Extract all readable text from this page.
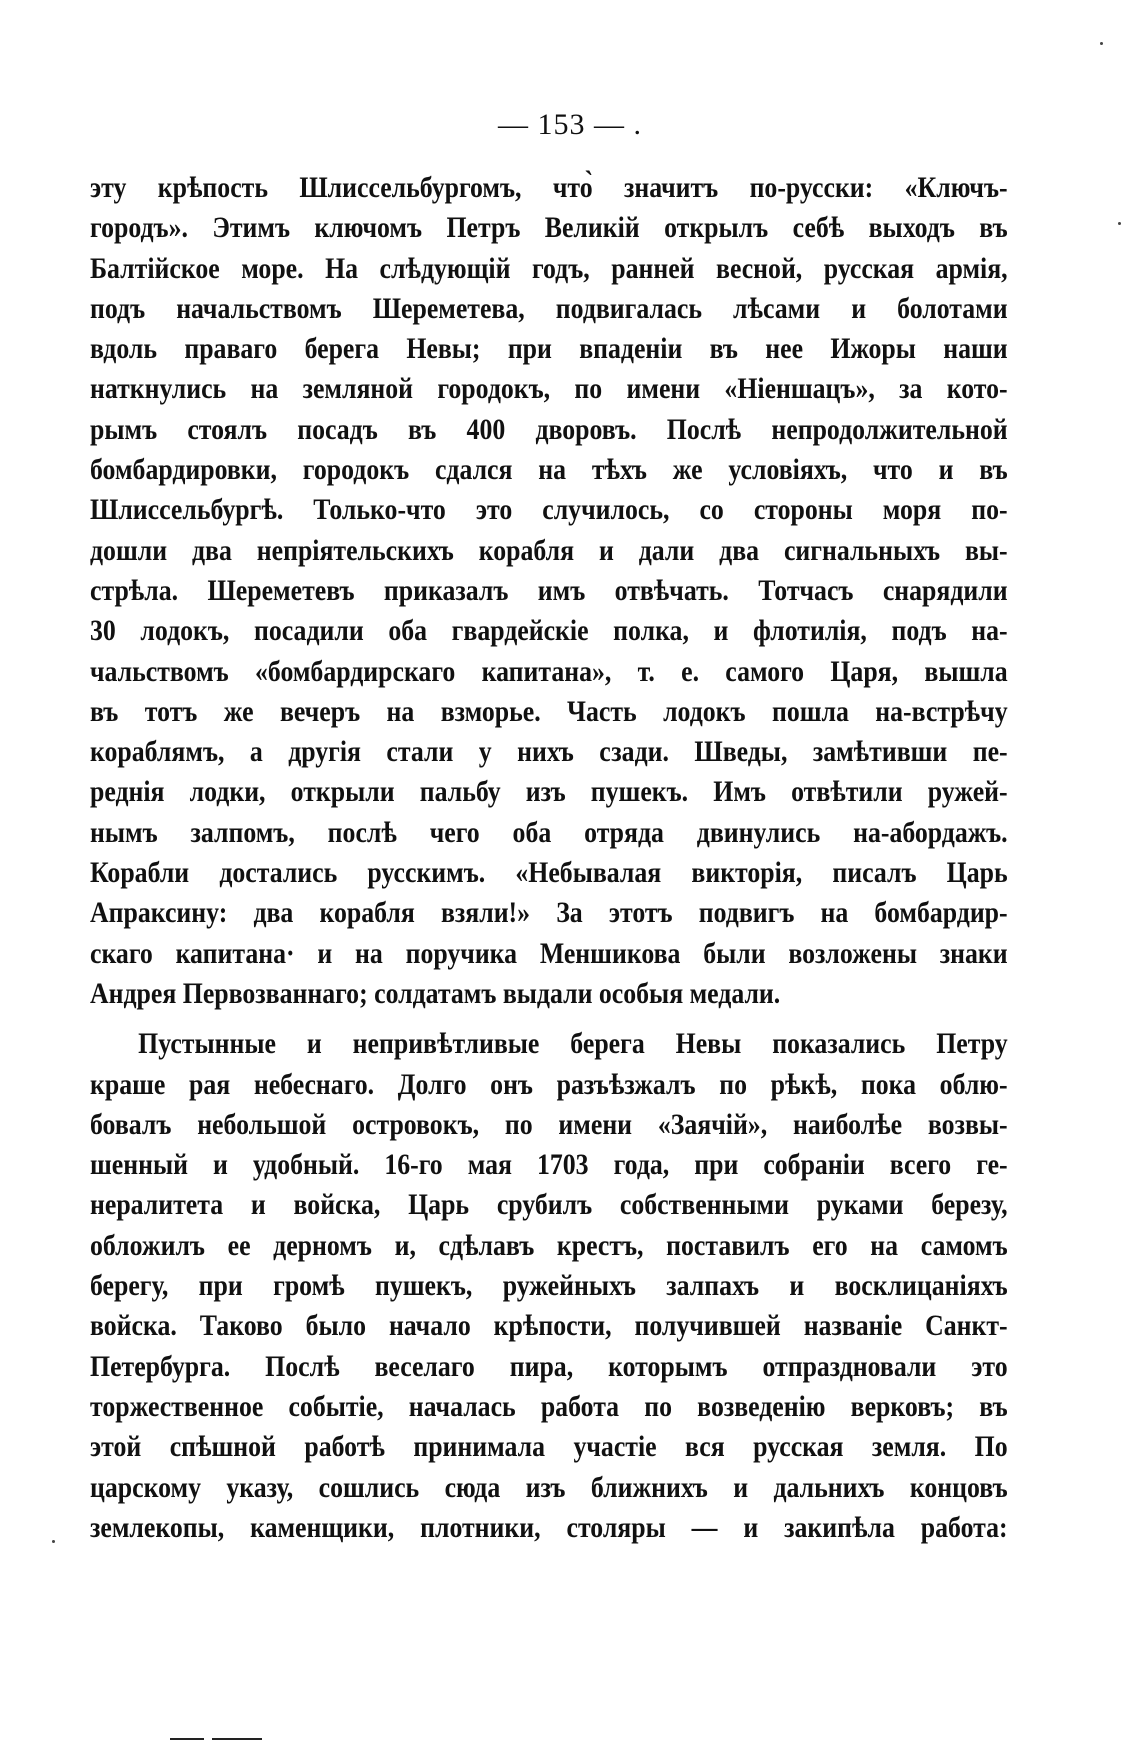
— 153 — .
эту крѣпость Шлиссельбургомъ, что̀ значитъ по-русски: «Ключъ-
городъ». Этимъ ключомъ Петръ Великій открылъ себѣ выходъ въ
Балтійское море. На слѣдующій годъ, ранней весной, русская армія,
подъ начальствомъ Шереметева, подвигалась лѣсами и болотами
вдоль праваго берега Невы; при впаденіи въ нее Ижоры наши
наткнулись на земляной городокъ, по имени «Ніеншацъ», за кото-
рымъ стоялъ посадъ въ 400 дворовъ. Послѣ непродолжительной
бомбардировки, городокъ сдался на тѣхъ же условіяхъ, что и въ
Шлиссельбургѣ. Только-что это случилось, со стороны моря по-
дошли два непріятельскихъ корабля и дали два сигнальныхъ вы-
стрѣла. Шереметевъ приказалъ имъ отвѣчать. Тотчасъ снарядили
30 лодокъ, посадили оба гвардейскіе полка, и флотилія, подъ на-
чальствомъ «бомбардирскаго капитана», т. е. самого Царя, вышла
въ тотъ же вечеръ на взморье. Часть лодокъ пошла на-встрѣчу
кораблямъ, а другія стали у нихъ сзади. Шведы, замѣтивши пе-
реднія лодки, открыли пальбу изъ пушекъ. Имъ отвѣтили ружей-
нымъ залпомъ, послѣ чего оба отряда двинулись на-абордажъ.
Корабли достались русскимъ. «Небывалая викторія, писалъ Царь
Апраксину: два корабля взяли!» За этотъ подвигъ на бомбардир-
скаго капитана· и на поручика Меншикова были возложены знаки
Андрея Первозваннаго; солдатамъ выдали особыя медали.
Пустынные и непривѣтливые берега Невы показались Петру
краше рая небеснаго. Долго онъ разъѣзжалъ по рѣкѣ, пока облю-
бовалъ небольшой островокъ, по имени «Заячій», наиболѣе возвы-
шенный и удобный. 16-го мая 1703 года, при собраніи всего ге-
нералитета и войска, Царь срубилъ собственными руками березу,
обложилъ ее дерномъ и, сдѣлавъ крестъ, поставилъ его на самомъ
берегу, при громѣ пушекъ, ружейныхъ залпахъ и восклицаніяхъ
войска. Таково было начало крѣпости, получившей названіе Санкт-
Петербурга. Послѣ веселаго пира, которымъ отпраздновали это
торжественное событіе, началась работа по возведенію верковъ; въ
этой спѣшной работѣ принимала участіе вся русская земля. По
царскому указу, сошлись сюда изъ ближнихъ и дальнихъ концовъ
землекопы, каменщики, плотники, столяры — и закипѣла работа:
